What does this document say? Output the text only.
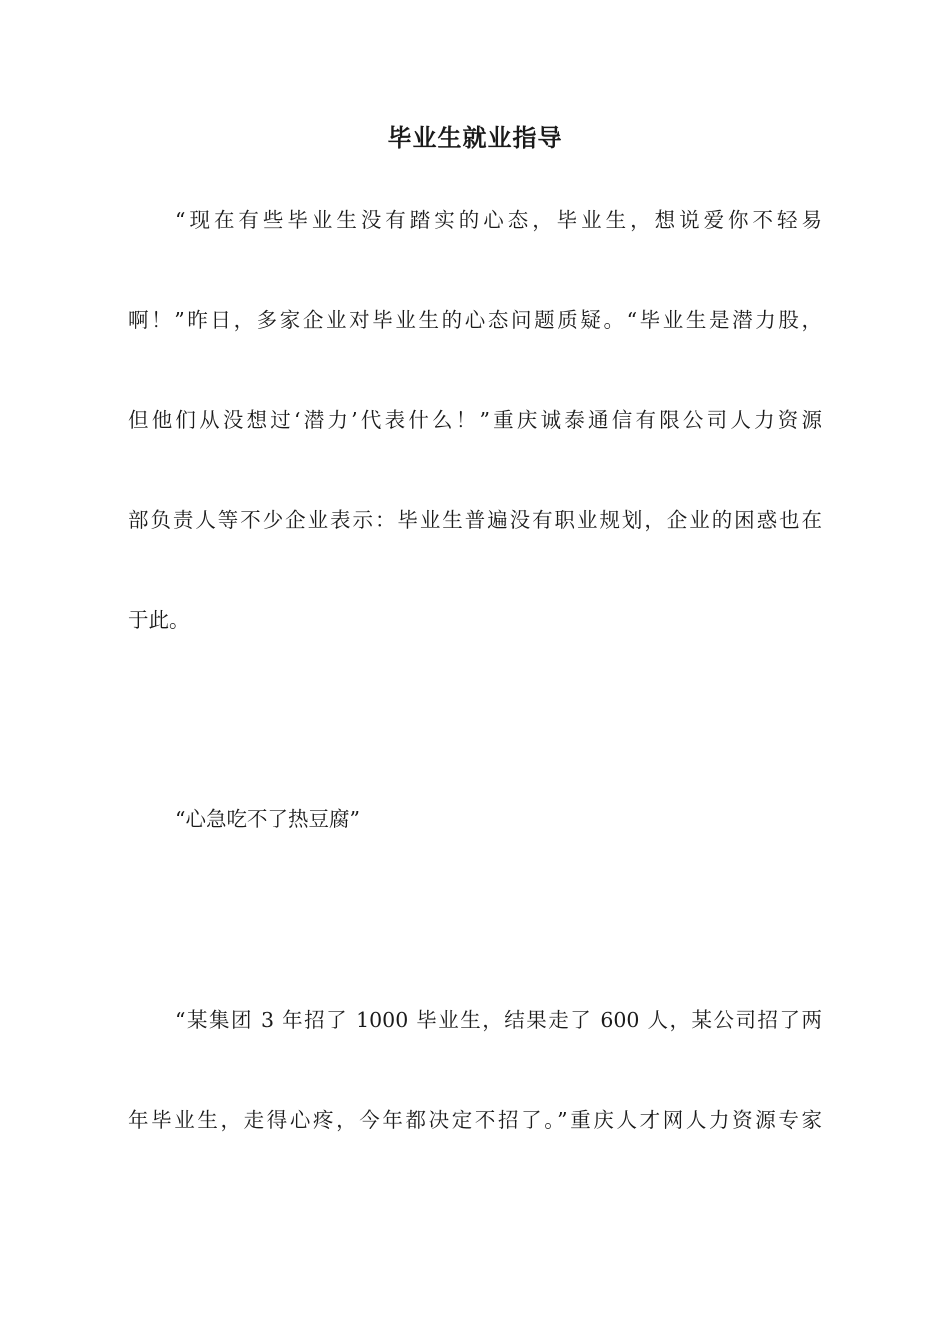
毕业生就业指导
“现在有些毕业生没有踏实的心态，毕业生，想说爱你不轻易
啊！”昨日，多家企业对毕业生的心态问题质疑。“毕业生是潜力股，
但他们从没想过‘潜力’代表什么！”重庆诚泰通信有限公司人力资源
部负责人等不少企业表示：毕业生普遍没有职业规划，企业的困惑也在
于此。
“心急吃不了热豆腐”
“某集团 3 年招了 1000 毕业生，结果走了 600 人，某公司招了两
年毕业生，走得心疼，今年都决定不招了。”重庆人才网人力资源专家
